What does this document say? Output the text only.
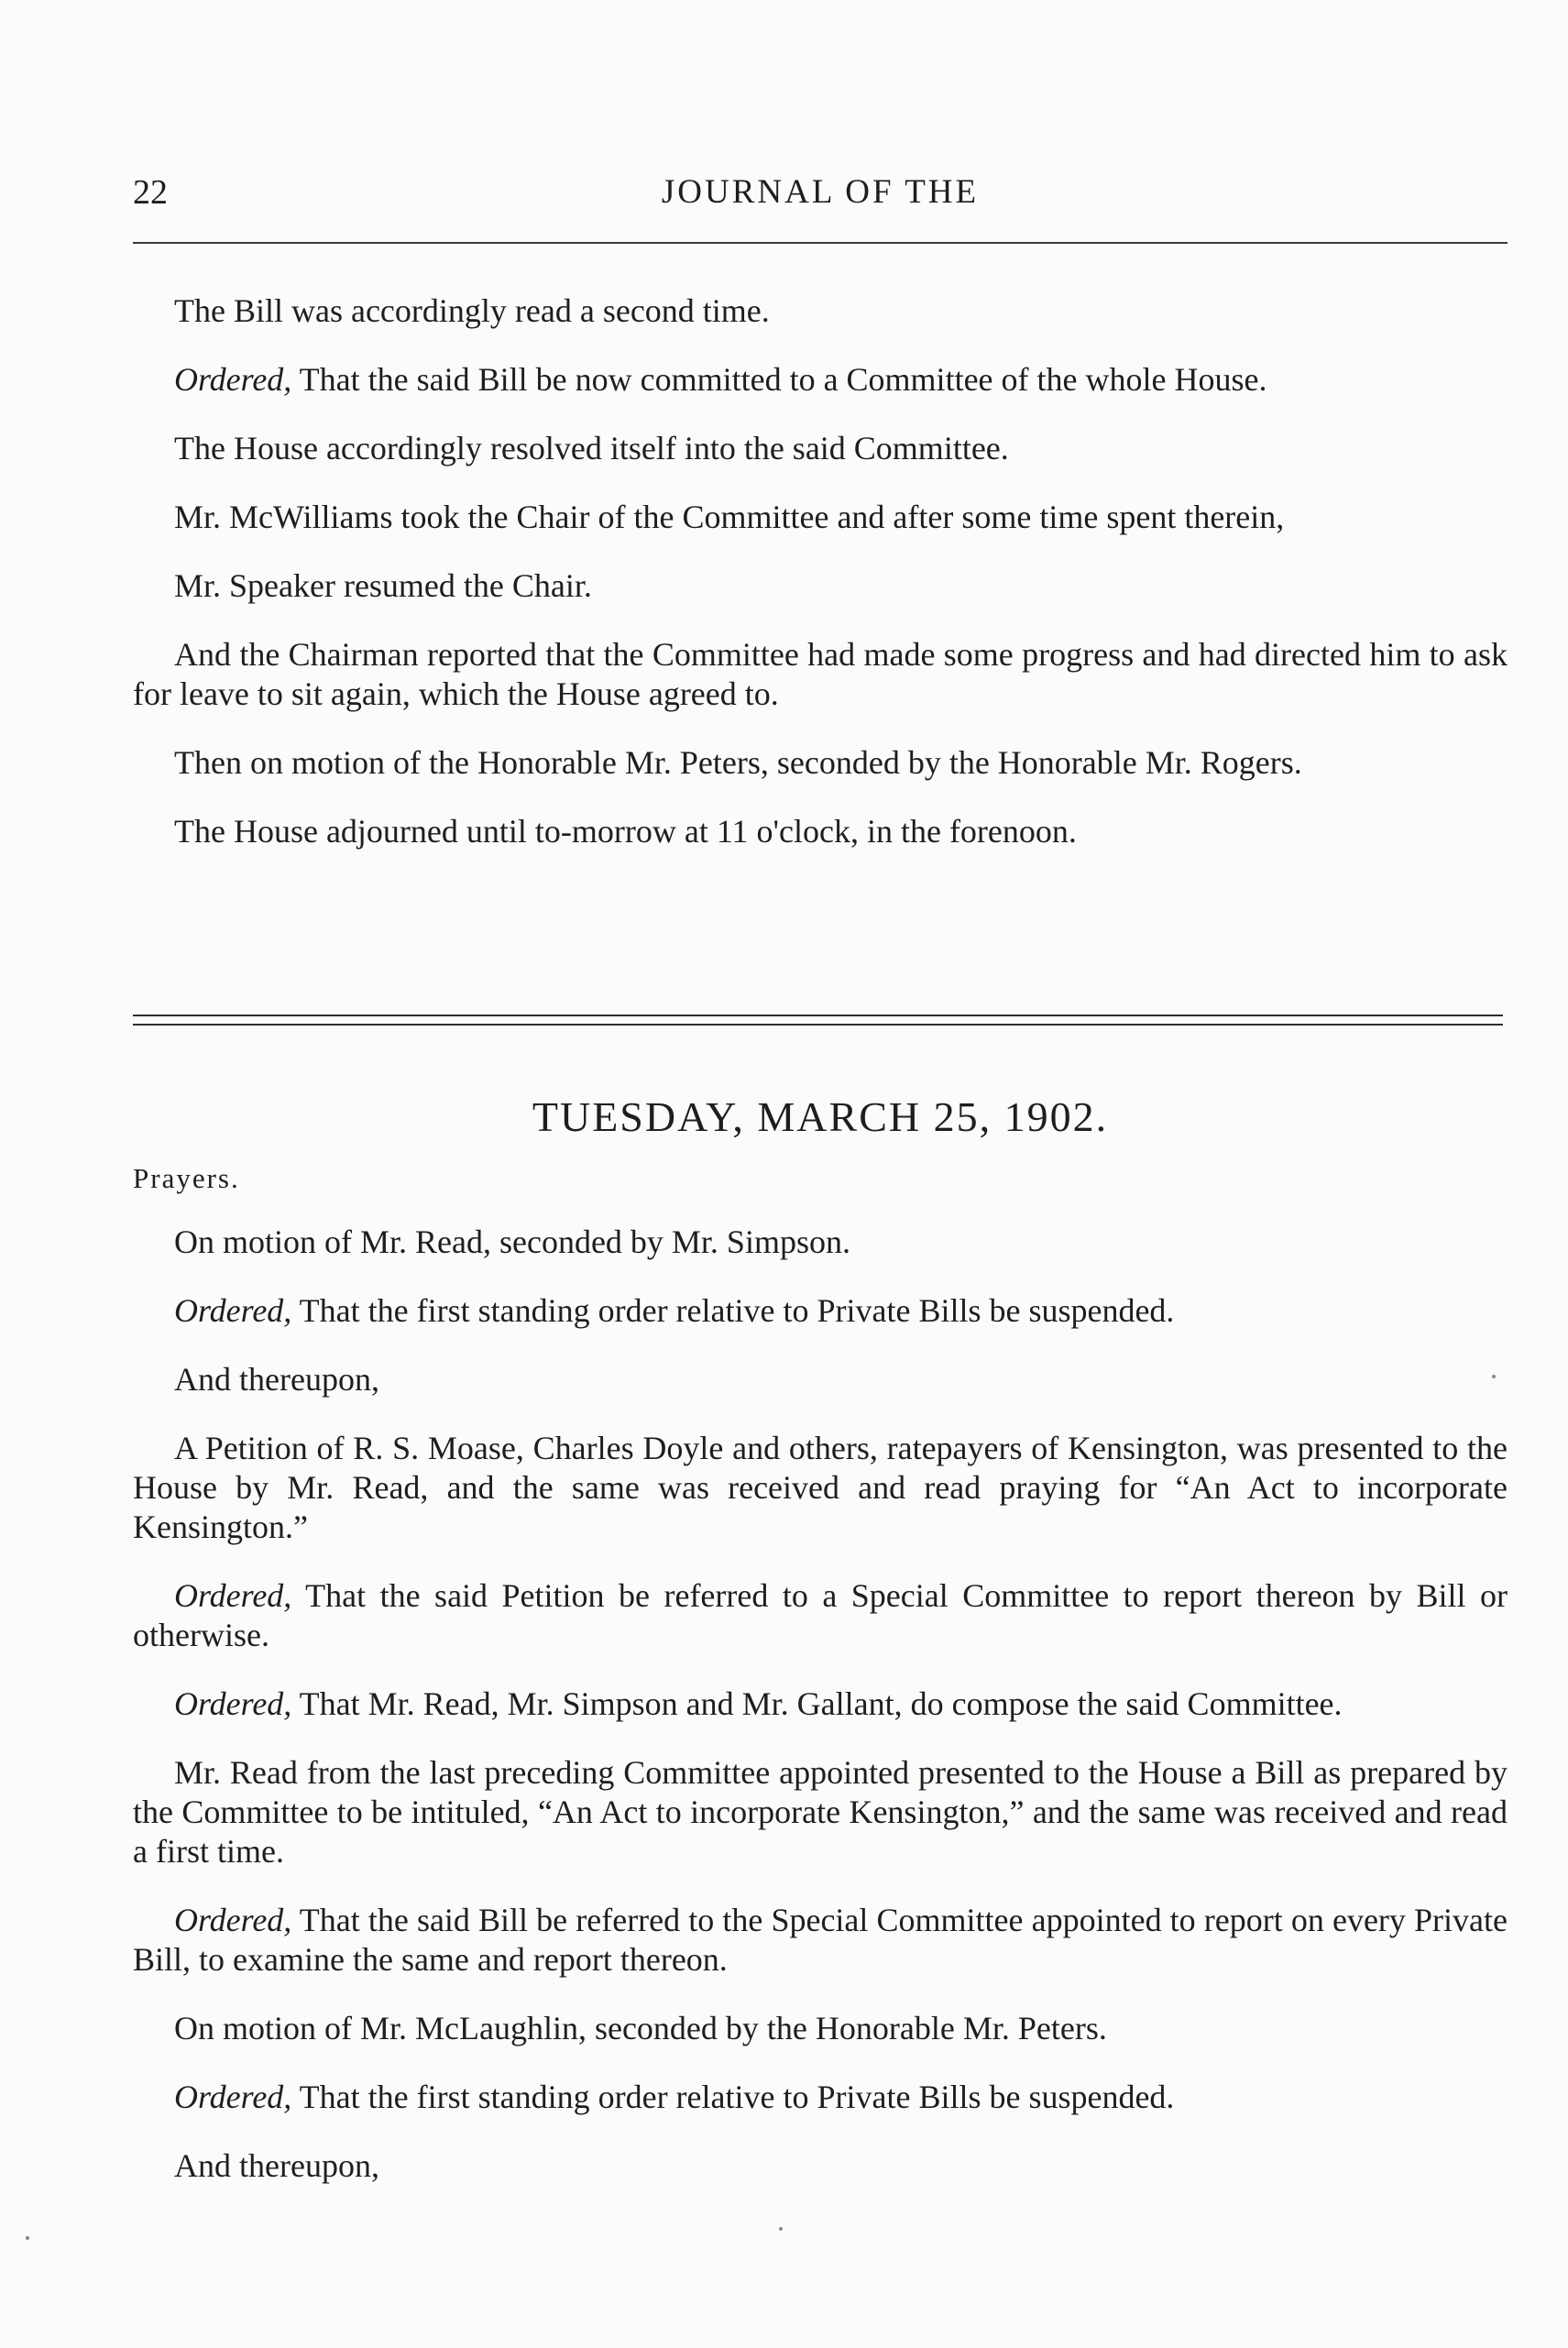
22	JOURNAL OF THE

The Bill was accordingly read a second time.

Ordered, That the said Bill be now committed to a Committee of the whole House.

The House accordingly resolved itself into the said Committee.

Mr. McWilliams took the Chair of the Committee and after some time spent therein,

Mr. Speaker resumed the Chair.

And the Chairman reported that the Committee had made some progress and had directed him to ask for leave to sit again, which the House agreed to.

Then on motion of the Honorable Mr. Peters, seconded by the Honorable Mr. Rogers.

The House adjourned until to-morrow at 11 o'clock, in the forenoon.

TUESDAY, MARCH 25, 1902.

Prayers.

On motion of Mr. Read, seconded by Mr. Simpson.

Ordered, That the first standing order relative to Private Bills be suspended.

And thereupon,

A Petition of R. S. Moase, Charles Doyle and others, ratepayers of Kensington, was presented to the House by Mr. Read, and the same was received and read praying for “An Act to incorporate Kensington.”

Ordered, That the said Petition be referred to a Special Committee to report thereon by Bill or otherwise.

Ordered, That Mr. Read, Mr. Simpson and Mr. Gallant, do compose the said Committee.

Mr. Read from the last preceding Committee appointed presented to the House a Bill as prepared by the Committee to be intituled, “An Act to incorporate Kensington,” and the same was received and read a first time.

Ordered, That the said Bill be referred to the Special Committee appointed to report on every Private Bill, to examine the same and report thereon.

On motion of Mr. McLaughlin, seconded by the Honorable Mr. Peters.

Ordered, That the first standing order relative to Private Bills be suspended.

And thereupon,
